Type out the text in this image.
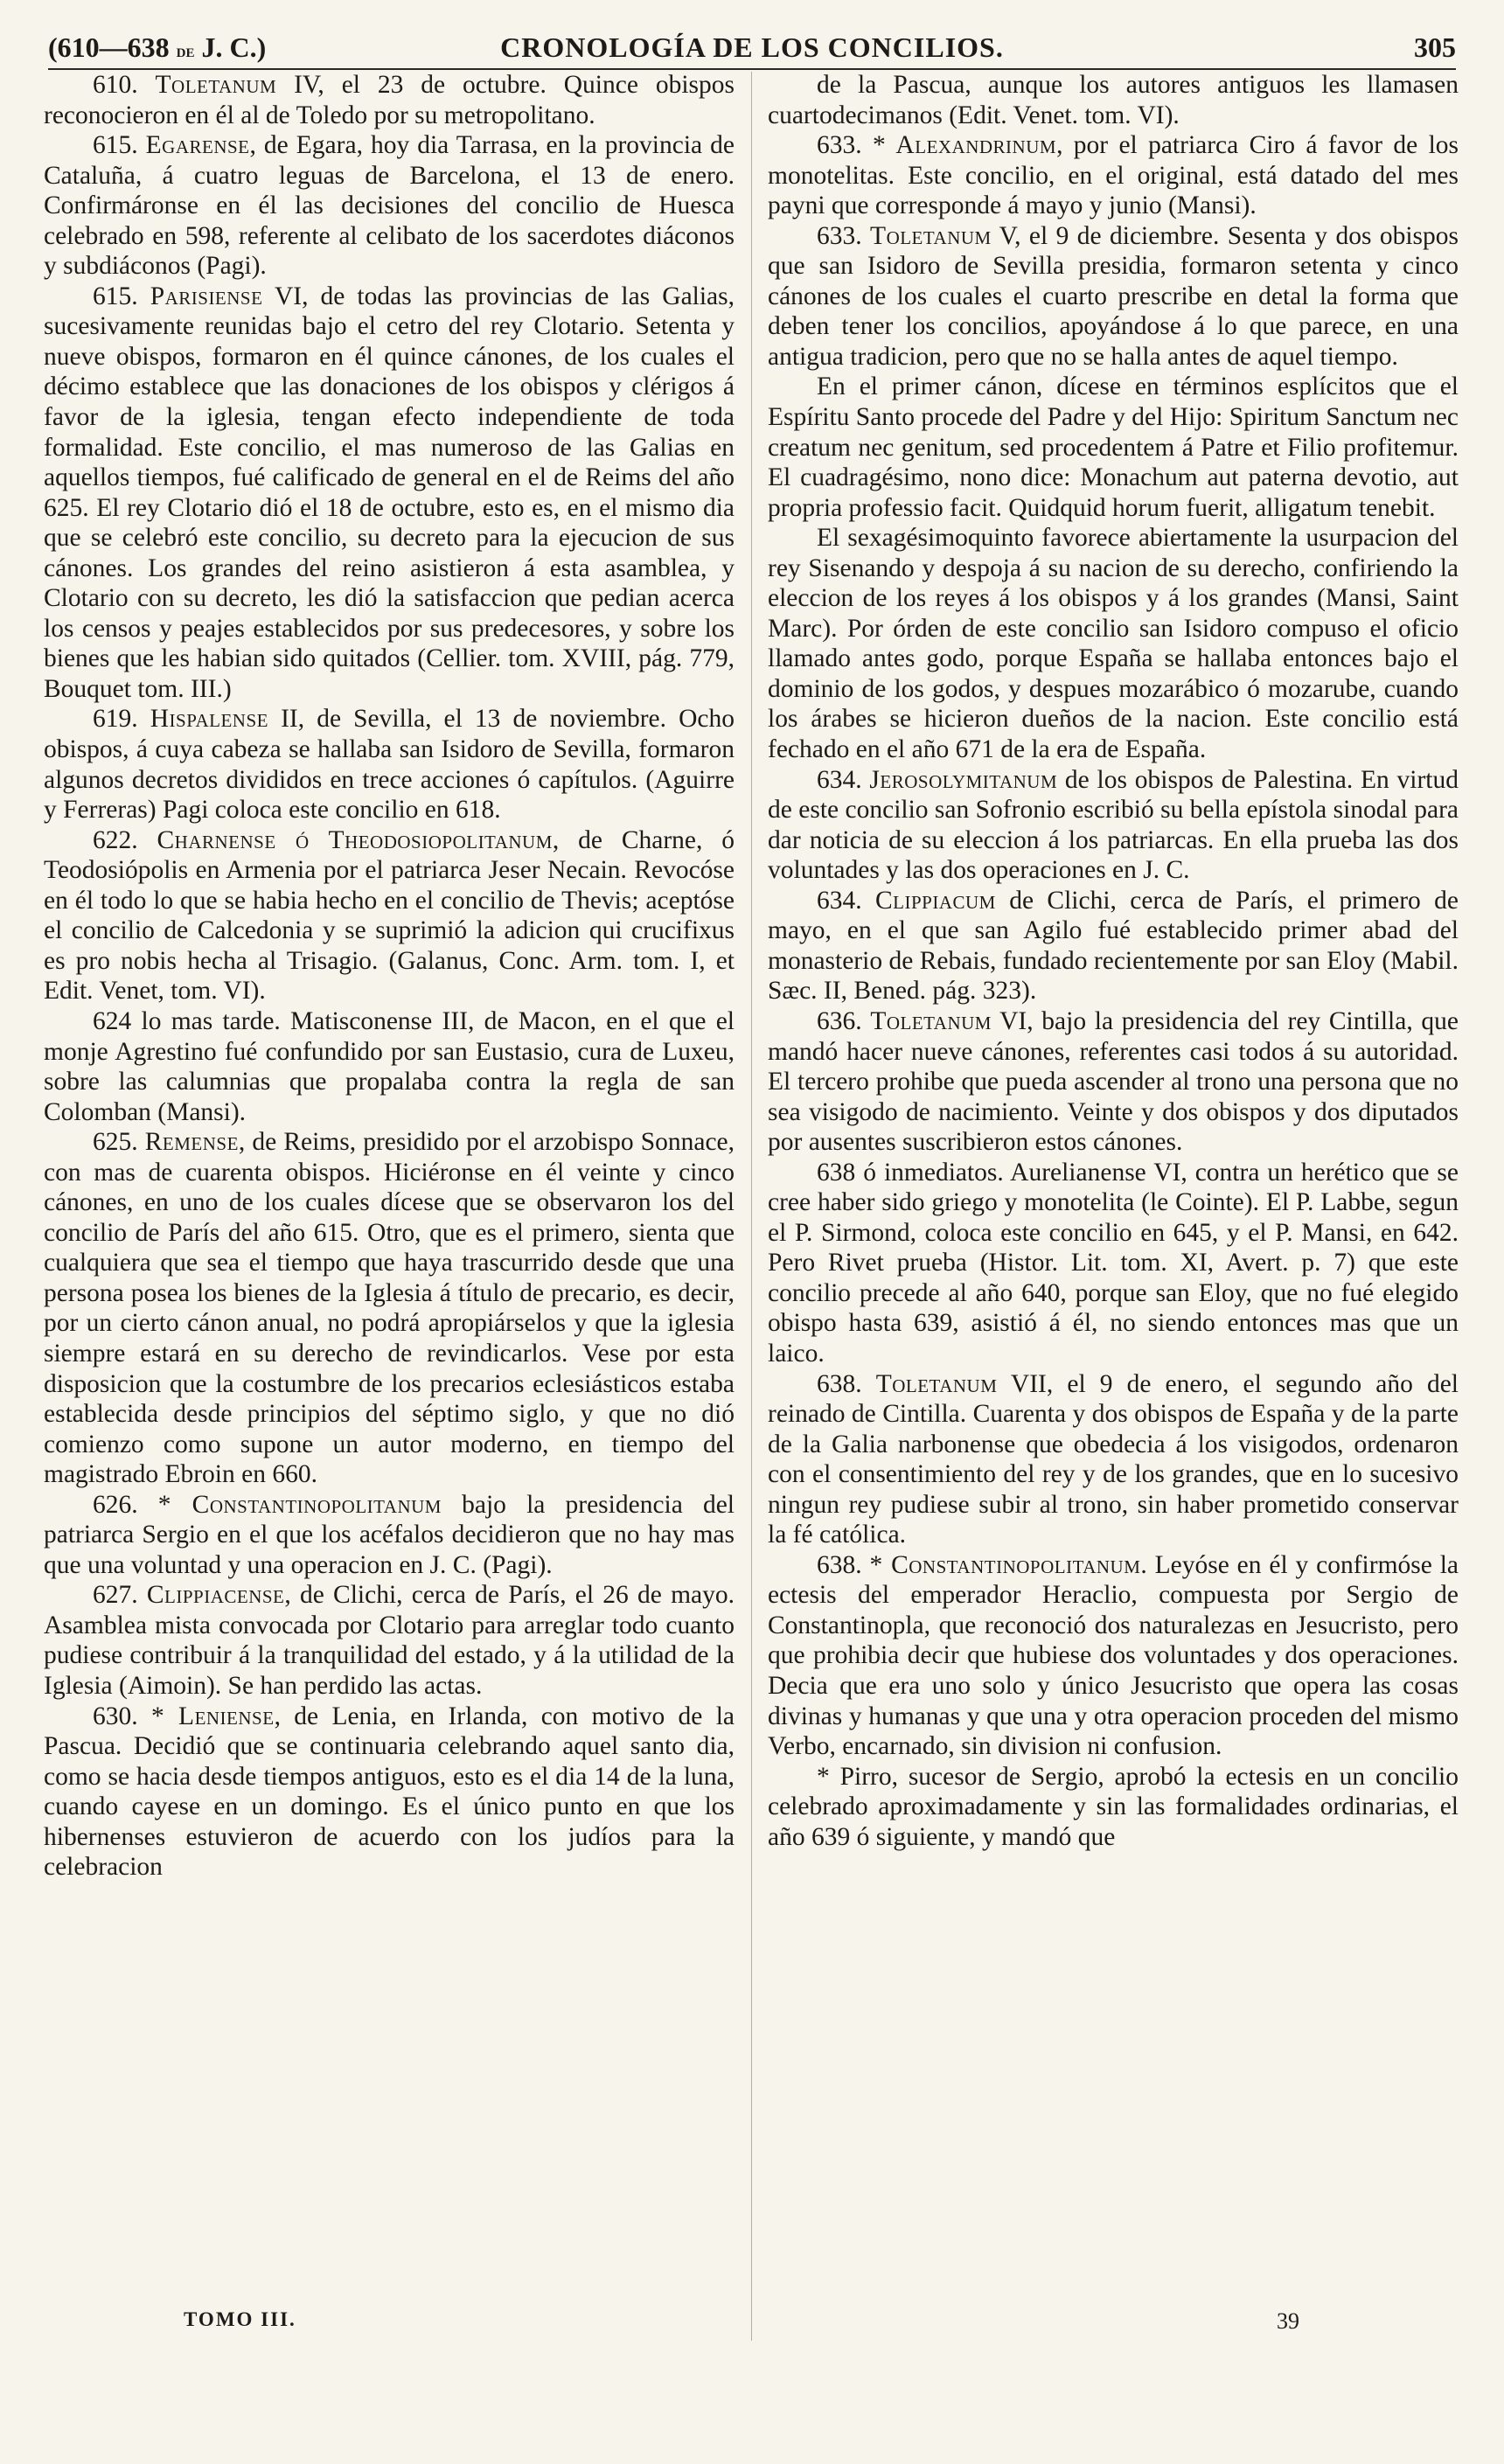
(610—638 de J. C.)	CRONOLOGÍA DE LOS CONCILIOS.	305

610. Toletanum IV, el 23 de octubre. Quince obispos reconocieron en él al de Toledo por su metropolitano.

615. Egarense, de Egara, hoy dia Tarrasa, en la provincia de Cataluña, á cuatro leguas de Barcelona, el 13 de enero. Confirmáronse en él las decisiones del concilio de Huesca celebrado en 598, referente al celibato de los sacerdotes diáconos y subdiáconos (Pagi).

615. Parisiense VI, de todas las provincias de las Galias, sucesivamente reunidas bajo el cetro del rey Clotario. Setenta y nueve obispos, formaron en él quince cánones, de los cuales el décimo establece que las donaciones de los obispos y clérigos á favor de la iglesia, tengan efecto independiente de toda formalidad. Este concilio, el mas numeroso de las Galias en aquellos tiempos, fué calificado de general en el de Reims del año 625. El rey Clotario dió el 18 de octubre, esto es, en el mismo dia que se celebró este concilio, su decreto para la ejecucion de sus cánones. Los grandes del reino asistieron á esta asamblea, y Clotario con su decreto, les dió la satisfaccion que pedian acerca los censos y peajes establecidos por sus predecesores, y sobre los bienes que les habian sido quitados (Cellier. tom. XVIII, pág. 779, Bouquet tom. III.)

619. Hispalense II, de Sevilla, el 13 de noviembre. Ocho obispos, á cuya cabeza se hallaba san Isidoro de Sevilla, formaron algunos decretos divididos en trece acciones ó capítulos. (Aguirre y Ferreras) Pagi coloca este concilio en 618.

622. Charnense ó Theodosiopolitanum, de Charne, ó Teodosiópolis en Armenia por el patriarca Jeser Necain. Revocóse en él todo lo que se habia hecho en el concilio de Thevis; aceptóse el concilio de Calcedonia y se suprimió la adicion qui crucifixus es pro nobis hecha al Trisagio. (Galanus, Conc. Arm. tom. I, et Edit. Venet, tom. VI).

624 lo mas tarde. Matisconense III, de Macon, en el que el monje Agrestino fué confundido por san Eustasio, cura de Luxeu, sobre las calumnias que propalaba contra la regla de san Colomban (Mansi).

625. Remense, de Reims, presidido por el arzobispo Sonnace, con mas de cuarenta obispos. Hiciéronse en él veinte y cinco cánones, en uno de los cuales dícese que se observaron los del concilio de París del año 615. Otro, que es el primero, sienta que cualquiera que sea el tiempo que haya trascurrido desde que una persona posea los bienes de la Iglesia á título de precario, es decir, por un cierto cánon anual, no podrá apropiárselos y que la iglesia siempre estará en su derecho de revindicarlos. Vese por esta disposicion que la costumbre de los precarios eclesiásticos estaba establecida desde principios del séptimo siglo, y que no dió comienzo como supone un autor moderno, en tiempo del magistrado Ebroin en 660.

626. * Constantinopolitanum bajo la presidencia del patriarca Sergio en el que los acéfalos decidieron que no hay mas que una voluntad y una operacion en J. C. (Pagi).

627. Clippiacense, de Clichi, cerca de París, el 26 de mayo. Asamblea mista convocada por Clotario para arreglar todo cuanto pudiese contribuir á la tranquilidad del estado, y á la utilidad de la Iglesia (Aimoin). Se han perdido las actas.

630. * Leniense, de Lenia, en Irlanda, con motivo de la Pascua. Decidió que se continuaria celebrando aquel santo dia, como se hacia desde tiempos antiguos, esto es el dia 14 de la luna, cuando cayese en un domingo. Es el único punto en que los hibernenses estuvieron de acuerdo con los judíos para la celebracion

de la Pascua, aunque los autores antiguos les llamasen cuartodecimanos (Edit. Venet. tom. VI).

633. * Alexandrinum, por el patriarca Ciro á favor de los monotelitas. Este concilio, en el original, está datado del mes payni que corresponde á mayo y junio (Mansi).

633. Toletanum V, el 9 de diciembre. Sesenta y dos obispos que san Isidoro de Sevilla presidia, formaron setenta y cinco cánones de los cuales el cuarto prescribe en detal la forma que deben tener los concilios, apoyándose á lo que parece, en una antigua tradicion, pero que no se halla antes de aquel tiempo.

En el primer cánon, dícese en términos esplícitos que el Espíritu Santo procede del Padre y del Hijo: Spiritum Sanctum nec creatum nec genitum, sed procedentem á Patre et Filio profitemur. El cuadragésimo, nono dice: Monachum aut paterna devotio, aut propria professio facit. Quidquid horum fuerit, alligatum tenebit.

El sexagésimoquinto favorece abiertamente la usurpacion del rey Sisenando y despoja á su nacion de su derecho, confiriendo la eleccion de los reyes á los obispos y á los grandes (Mansi, Saint Marc). Por órden de este concilio san Isidoro compuso el oficio llamado antes godo, porque España se hallaba entonces bajo el dominio de los godos, y despues mozarábico ó mozarube, cuando los árabes se hicieron dueños de la nacion. Este concilio está fechado en el año 671 de la era de España.

634. Jerosolymitanum de los obispos de Palestina. En virtud de este concilio san Sofronio escribió su bella epístola sinodal para dar noticia de su eleccion á los patriarcas. En ella prueba las dos voluntades y las dos operaciones en J. C.

634. Clippiacum de Clichi, cerca de París, el primero de mayo, en el que san Agilo fué establecido primer abad del monasterio de Rebais, fundado recientemente por san Eloy (Mabil. Sæc. II, Bened. pág. 323).

636. Toletanum VI, bajo la presidencia del rey Cintilla, que mandó hacer nueve cánones, referentes casi todos á su autoridad. El tercero prohibe que pueda ascender al trono una persona que no sea visigodo de nacimiento. Veinte y dos obispos y dos diputados por ausentes suscribieron estos cánones.

638 ó inmediatos. Aurelianense VI, contra un herético que se cree haber sido griego y monotelita (le Cointe). El P. Labbe, segun el P. Sirmond, coloca este concilio en 645, y el P. Mansi, en 642. Pero Rivet prueba (Histor. Lit. tom. XI, Avert. p. 7) que este concilio precede al año 640, porque san Eloy, que no fué elegido obispo hasta 639, asistió á él, no siendo entonces mas que un laico.

638. Toletanum VII, el 9 de enero, el segundo año del reinado de Cintilla. Cuarenta y dos obispos de España y de la parte de la Galia narbonense que obedecia á los visigodos, ordenaron con el consentimiento del rey y de los grandes, que en lo sucesivo ningun rey pudiese subir al trono, sin haber prometido conservar la fé católica.

638. * Constantinopolitanum. Leyóse en él y confirmóse la ectesis del emperador Heraclio, compuesta por Sergio de Constantinopla, que reconoció dos naturalezas en Jesucristo, pero que prohibia decir que hubiese dos voluntades y dos operaciones. Decia que era uno solo y único Jesucristo que opera las cosas divinas y humanas y que una y otra operacion proceden del mismo Verbo, encarnado, sin division ni confusion.

* Pirro, sucesor de Sergio, aprobó la ectesis en un concilio celebrado aproximadamente y sin las formalidades ordinarias, el año 639 ó siguiente, y mandó que

TOMO III.	39
